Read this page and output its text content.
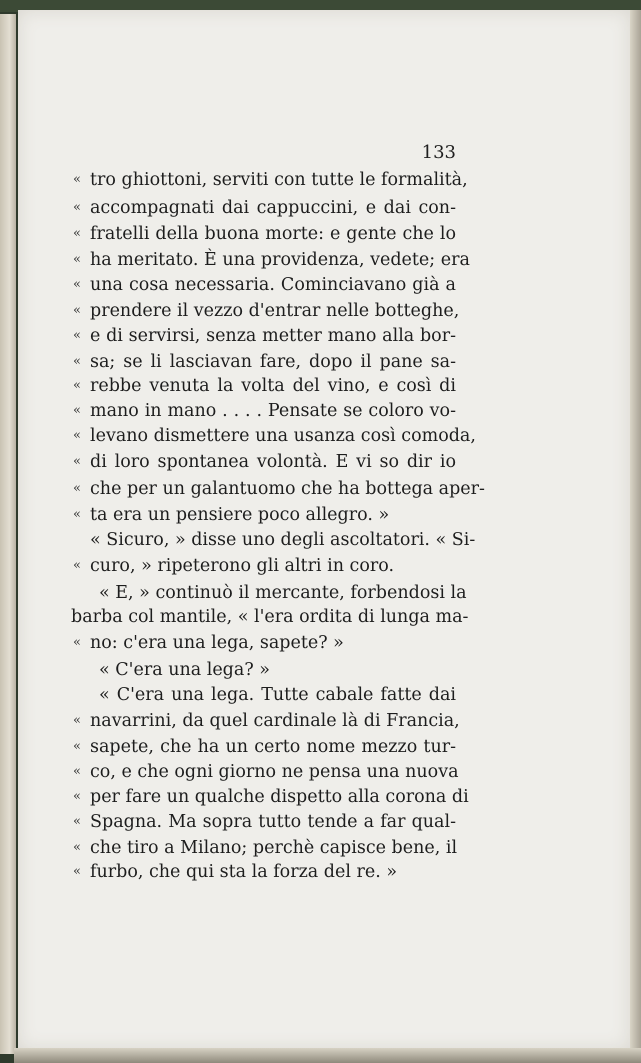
133
« tro ghiottoni, serviti con tutte le formalità,
« accompagnati dai cappuccini, e dai con-
« fratelli della buona morte: e gente che lo
« ha meritato. È una providenza, vedete; era
« una cosa necessaria. Cominciavano già a
« prendere il vezzo d'entrar nelle botteghe,
« e di servirsi, senza metter mano alla bor-
« sa; se li lasciavan fare, dopo il pane sa-
« rebbe venuta la volta del vino, e così di
« mano in mano . . . . Pensate se coloro vo-
« levano dismettere una usanza così comoda,
« di loro spontanea volontà. E vi so dir io
« che per un galantuomo che ha bottega aper-
« ta era un pensiere poco allegro. »
« Sicuro, » disse uno degli ascoltatori. « Si-
« curo, » ripeterono gli altri in coro.
« E, » continuò il mercante, forbendosi la
barba col mantile, « l'era ordita di lunga ma-
« no: c'era una lega, sapete? »
« C'era una lega? »
« C'era una lega. Tutte cabale fatte dai
« navarrini, da quel cardinale là di Francia,
« sapete, che ha un certo nome mezzo tur-
« co, e che ogni giorno ne pensa una nuova
« per fare un qualche dispetto alla corona di
« Spagna. Ma sopra tutto tende a far qual-
« che tiro a Milano; perchè capisce bene, il
« furbo, che qui sta la forza del re. »
